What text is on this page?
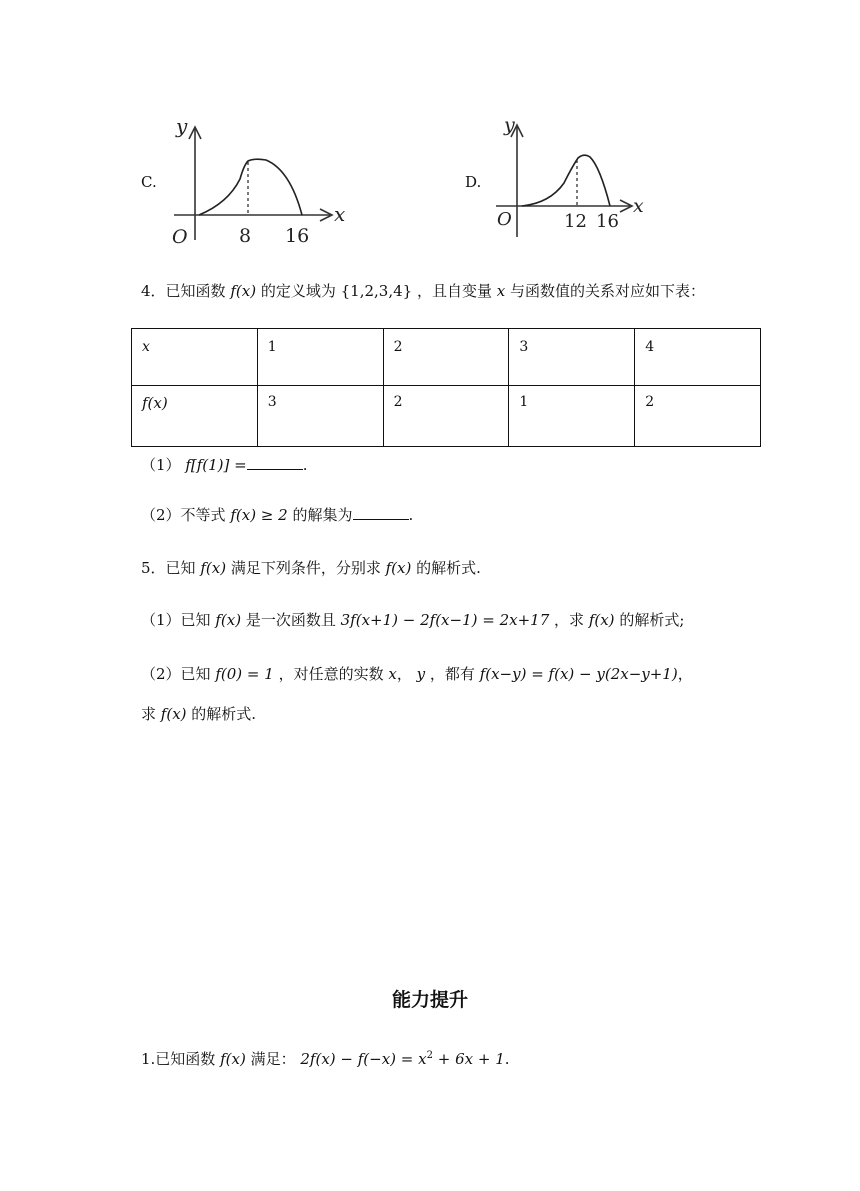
C.
y
x
O	8 16
D.
y
x
O	12 16
4．已知函数 f(x) 的定义域为 {1,2,3,4} ，且自变量 x 与函数值的关系对应如下表：
x	1	2	3	4
f(x)	3	2	1	2
（1） f[f(1)] =	.
（2）不等式 f(x) ≥ 2 的解集为	.
5．已知 f(x) 满足下列条件，分别求 f(x) 的解析式.
（1）已知 f(x) 是一次函数且 3f(x+1) − 2f(x−1) = 2x+17 ，求 f(x) 的解析式;
（2）已知 f(0) = 1 ，对任意的实数 x， y ，都有 f(x−y) = f(x) − y(2x−y+1)，
求 f(x) 的解析式.
能力提升
1.已知函数 f(x) 满足： $2f(x) - f(-x) = x^2 + 6x + 1$.
